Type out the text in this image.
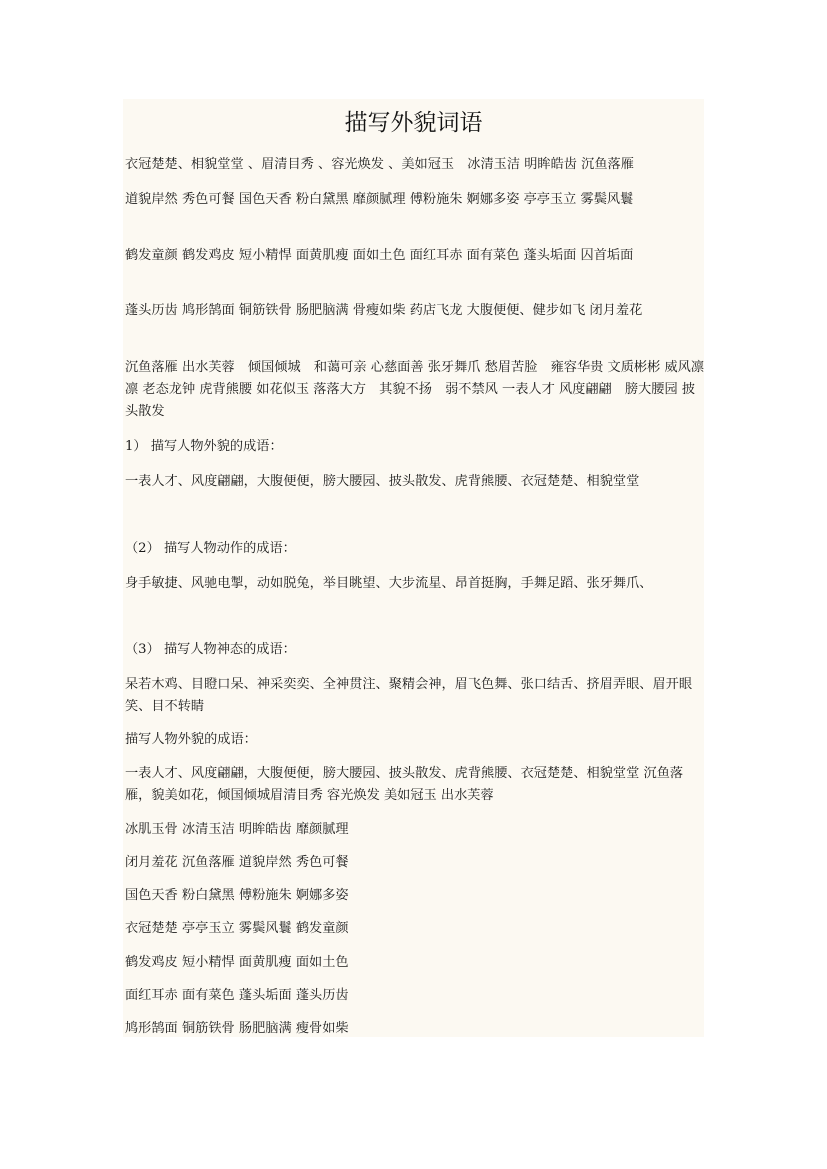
描写外貌词语

衣冠楚楚、相貌堂堂 、眉清目秀 、容光焕发 、美如冠玉　冰清玉洁 明眸皓齿 沉鱼落雁

道貌岸然 秀色可餐 国色天香 粉白黛黑 靡颜腻理 傅粉施朱 婀娜多姿 亭亭玉立 雾鬓风鬟

鹤发童颜 鹤发鸡皮 短小精悍 面黄肌瘦 面如土色 面红耳赤 面有菜色 蓬头垢面 囚首垢面

蓬头历齿 鸠形鹄面 铜筋铁骨 肠肥脑满 骨瘦如柴 药店飞龙 大腹便便、健步如飞 闭月羞花

沉鱼落雁 出水芙蓉　倾国倾城　和蔼可亲 心慈面善 张牙舞爪 愁眉苦脸　雍容华贵 文质彬彬 威风凛凛 老态龙钟 虎背熊腰 如花似玉 落落大方　其貌不扬　弱不禁风 一表人才 风度翩翩　膀大腰园 披头散发

1） 描写人物外貌的成语：

一表人才、风度翩翩，大腹便便，膀大腰园、披头散发、虎背熊腰、衣冠楚楚、相貌堂堂

（2） 描写人物动作的成语：

身手敏捷、风驰电掣，动如脱兔，举目眺望、大步流星、昂首挺胸，手舞足蹈、张牙舞爪、

（3） 描写人物神态的成语：

呆若木鸡、目瞪口呆、神采奕奕、全神贯注、聚精会神，眉飞色舞、张口结舌、挤眉弄眼、眉开眼笑、目不转睛

描写人物外貌的成语：

一表人才、风度翩翩，大腹便便，膀大腰园、披头散发、虎背熊腰、衣冠楚楚、相貌堂堂 沉鱼落雁，貌美如花，倾国倾城眉清目秀 容光焕发 美如冠玉 出水芙蓉

冰肌玉骨 冰清玉洁 明眸皓齿 靡颜腻理

闭月羞花 沉鱼落雁 道貌岸然 秀色可餐

国色天香 粉白黛黑 傅粉施朱 婀娜多姿

衣冠楚楚 亭亭玉立 雾鬓风鬟 鹤发童颜

鹤发鸡皮 短小精悍 面黄肌瘦 面如土色

面红耳赤 面有菜色 蓬头垢面 蓬头历齿

鸠形鹄面 铜筋铁骨 肠肥脑满 瘦骨如柴
